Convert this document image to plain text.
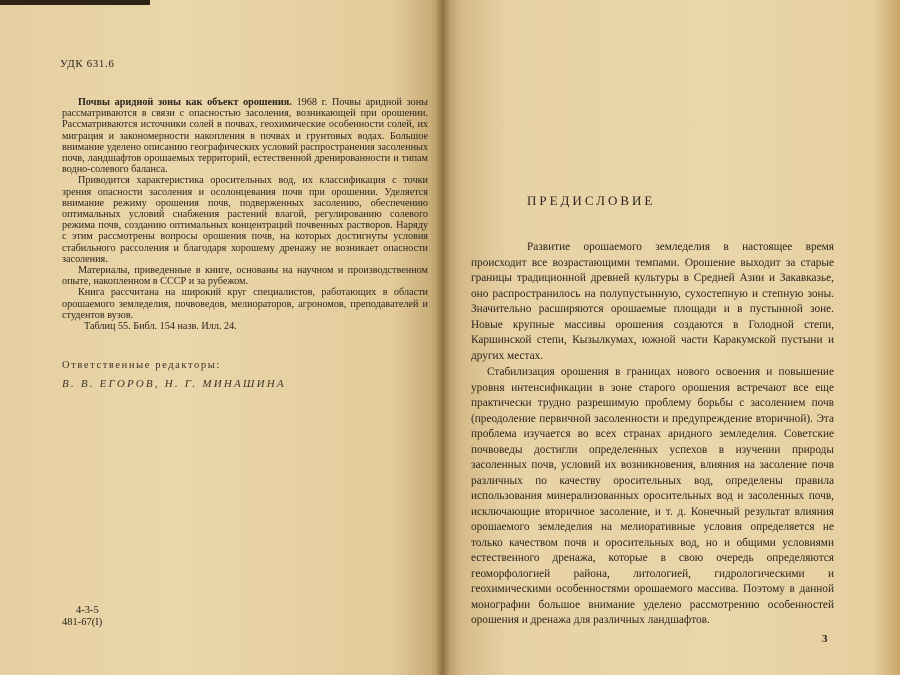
УДК 631.6

Почвы аридной зоны как объект орошения. 1968 г. Почвы аридной зоны рассматриваются в связи с опасностью засоления, возникающей при орошении. Рассматриваются источники солей в почвах, геохимические особенности солей, их миграция и закономерности накопления в почвах и грунтовых водах. Большое внимание уделено описанию географических условий распространения засоленных почв, ландшафтов орошаемых территорий, естественной дренированности и типам водно-солевого баланса.

Приводится характеристика оросительных вод, их классификация с точки зрения опасности засоления и осолонцевания почв при орошении. Уделяется внимание режиму орошения почв, подверженных засолению, обеспечению оптимальных условий снабжения растений влагой, регулированию солевого режима почв, созданию оптимальных концентраций почвенных растворов. Наряду с этим рассмотрены вопросы орошения почв, на которых достигнуты условия стабильного рассоления и благодаря хорошему дренажу не возникает опасности засоления.

Материалы, приведенные в книге, основаны на научном и производственном опыте, накопленном в СССР и за рубежом.

Книга рассчитана на широкий круг специалистов, работающих в области орошаемого земледелия, почвоведов, мелиораторов, агрономов, преподавателей и студентов вузов.

Таблиц 55. Библ. 154 назв. Илл. 24.

Ответственные редакторы:

В. В. ЕГОРОВ, Н. Г. МИНАШИНА

4-3-5

481-67(I)

ПРЕДИСЛОВИЕ

Развитие орошаемого земледелия в настоящее время происходит все возрастающими темпами. Орошение выходит за старые границы традиционной древней культуры в Средней Азии и Закавказье, оно распространилось на полупустынную, сухостепную и степную зоны. Значительно расширяются орошаемые площади и в пустынной зоне. Новые крупные массивы орошения создаются в Голодной степи, Каршинской степи, Кызылкумах, южной части Каракумской пустыни и других местах.

Стабилизация орошения в границах нового освоения и повышение уровня интенсификации в зоне старого орошения встречают все еще практически трудно разрешимую проблему борьбы с засолением почв (преодоление первичной засоленности и предупреждение вторичной). Эта проблема изучается во всех странах аридного земледелия. Советские почвоведы достигли определенных успехов в изучении природы засоленных почв, условий их возникновения, влияния на засоление почв различных по качеству оросительных вод, определены правила использования минерализованных оросительных вод и засоленных почв, исключающие вторичное засоление, и т. д. Конечный результат влияния орошаемого земледелия на мелиоративные условия определяется не только качеством почв и оросительных вод, но и общими условиями естественного дренажа, которые в свою очередь определяются геоморфологией района, литологией, гидрологическими и геохимическими особенностями орошаемого массива. Поэтому в данной монографии большое внимание уделено рассмотрению особенностей орошения и дренажа для различных ландшафтов.

3
